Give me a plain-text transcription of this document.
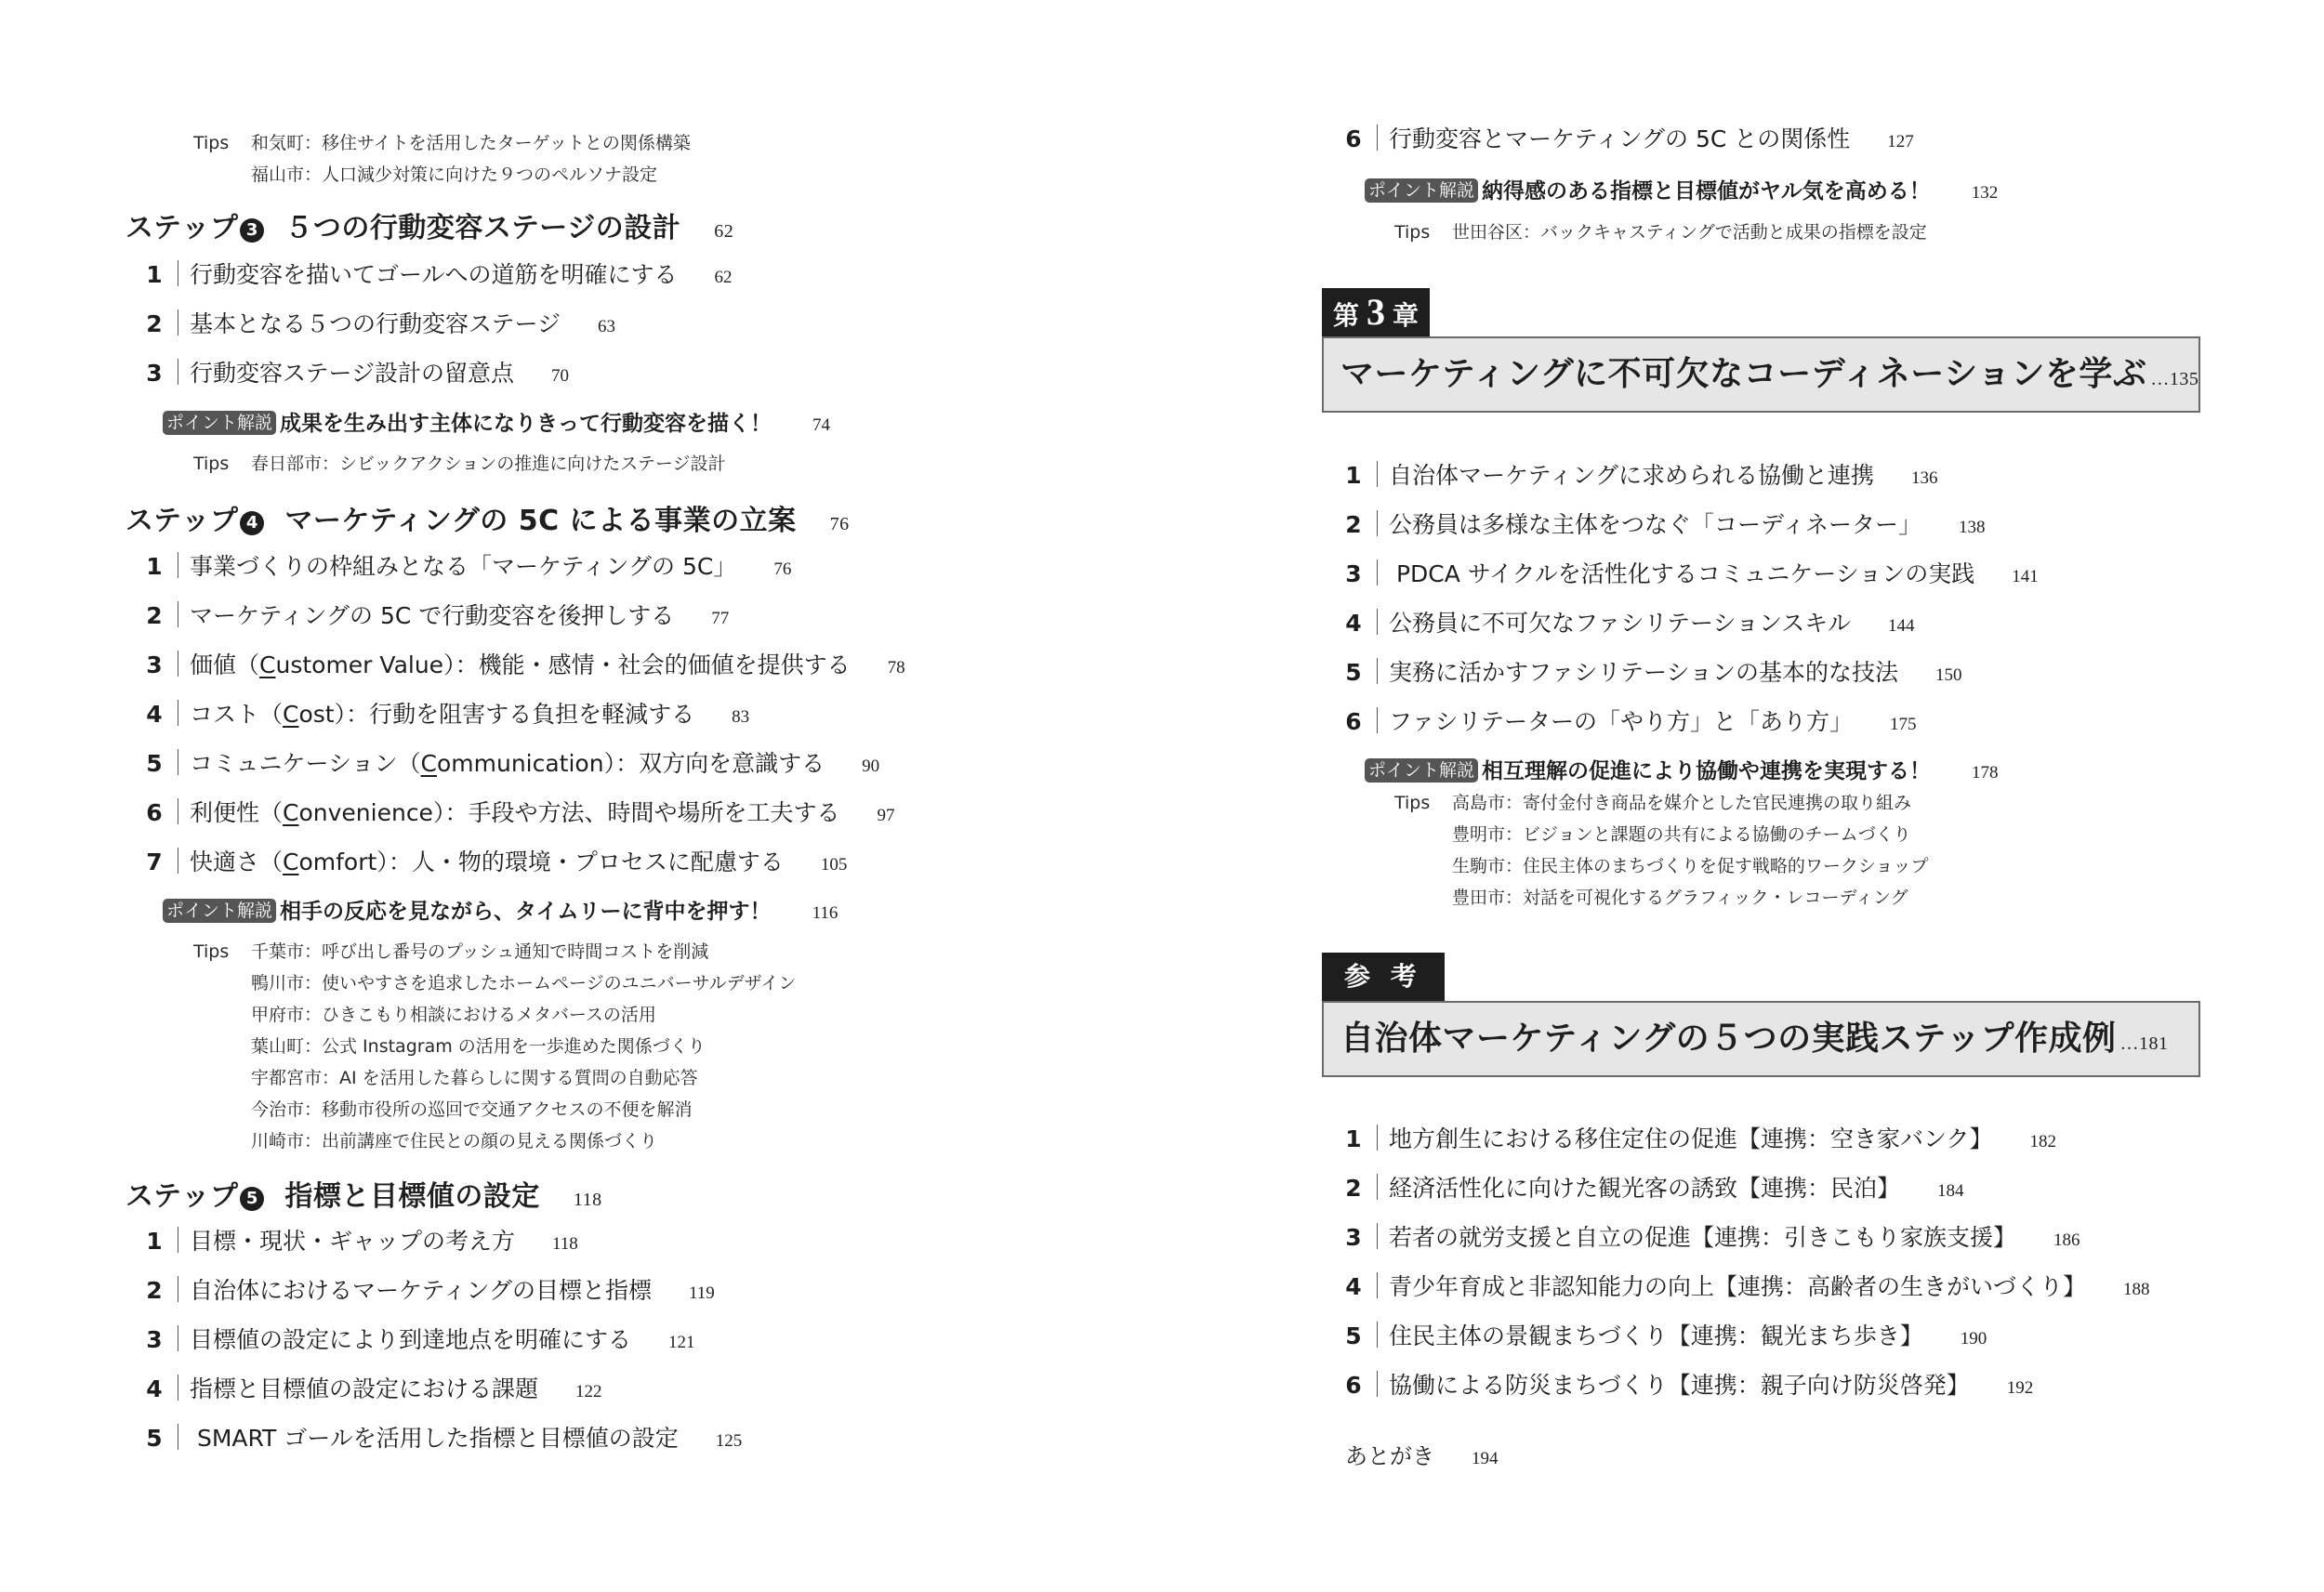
Tips 和気町：移住サイトを活用したターゲットとの関係構築
福山市：人口減少対策に向けた９つのペルソナ設定
ステップ 3 ５つの行動変容ステージの設計 62
1 行動変容を描いてゴールへの道筋を明確にする 62
2 基本となる５つの行動変容ステージ 63
3 行動変容ステージ設計の留意点 70
ポイント解説 成果を生み出す主体になりきって行動変容を描く！ 74
Tips 春日部市：シビックアクションの推進に向けたステージ設計
ステップ 4 マーケティングの 5C による事業の立案 76
1 事業づくりの枠組みとなる「マーケティングの 5C」 76
2 マーケティングの 5C で行動変容を後押しする 77
3 価値（Customer Value）：機能・感情・社会的価値を提供する 78
4 コスト（Cost）：行動を阻害する負担を軽減する 83
5 コミュニケーション（Communication）：双方向を意識する 90
6 利便性（Convenience）：手段や方法、時間や場所を工夫する 97
7 快適さ（Comfort）：人・物的環境・プロセスに配慮する 105
ポイント解説 相手の反応を見ながら、タイムリーに背中を押す！ 116
Tips 千葉市：呼び出し番号のプッシュ通知で時間コストを削減
鴨川市：使いやすさを追求したホームページのユニバーサルデザイン
甲府市：ひきこもり相談におけるメタバースの活用
葉山町：公式 Instagram の活用を一歩進めた関係づくり
宇都宮市：AI を活用した暮らしに関する質問の自動応答
今治市：移動市役所の巡回で交通アクセスの不便を解消
川崎市：出前講座で住民との顔の見える関係づくり
ステップ 5 指標と目標値の設定 118
1 目標・現状・ギャップの考え方 118
2 自治体におけるマーケティングの目標と指標 119
3 目標値の設定により到達地点を明確にする 121
4 指標と目標値の設定における課題 122
5 SMART ゴールを活用した指標と目標値の設定 125
6 行動変容とマーケティングの 5C との関係性 127
ポイント解説 納得感のある指標と目標値がヤル気を高める！ 132
Tips 世田谷区：バックキャスティングで活動と成果の指標を設定
第 3 章
マーケティングに不可欠なコーディネーションを学ぶ …135
1 自治体マーケティングに求められる協働と連携 136
2 公務員は多様な主体をつなぐ「コーディネーター」 138
3 PDCA サイクルを活性化するコミュニケーションの実践 141
4 公務員に不可欠なファシリテーションスキル 144
5 実務に活かすファシリテーションの基本的な技法 150
6 ファシリテーターの「やり方」と「あり方」 175
ポイント解説 相互理解の促進により協働や連携を実現する！ 178
Tips 高島市：寄付金付き商品を媒介とした官民連携の取り組み
豊明市：ビジョンと課題の共有による協働のチームづくり
生駒市：住民主体のまちづくりを促す戦略的ワークショップ
豊田市：対話を可視化するグラフィック・レコーディング
参 考
自治体マーケティングの５つの実践ステップ作成例 …181
1 地方創生における移住定住の促進【連携：空き家バンク】 182
2 経済活性化に向けた観光客の誘致【連携：民泊】 184
3 若者の就労支援と自立の促進【連携：引きこもり家族支援】 186
4 青少年育成と非認知能力の向上【連携：高齢者の生きがいづくり】 188
5 住民主体の景観まちづくり【連携：観光まち歩き】 190
6 協働による防災まちづくり【連携：親子向け防災啓発】 192
あとがき 194
